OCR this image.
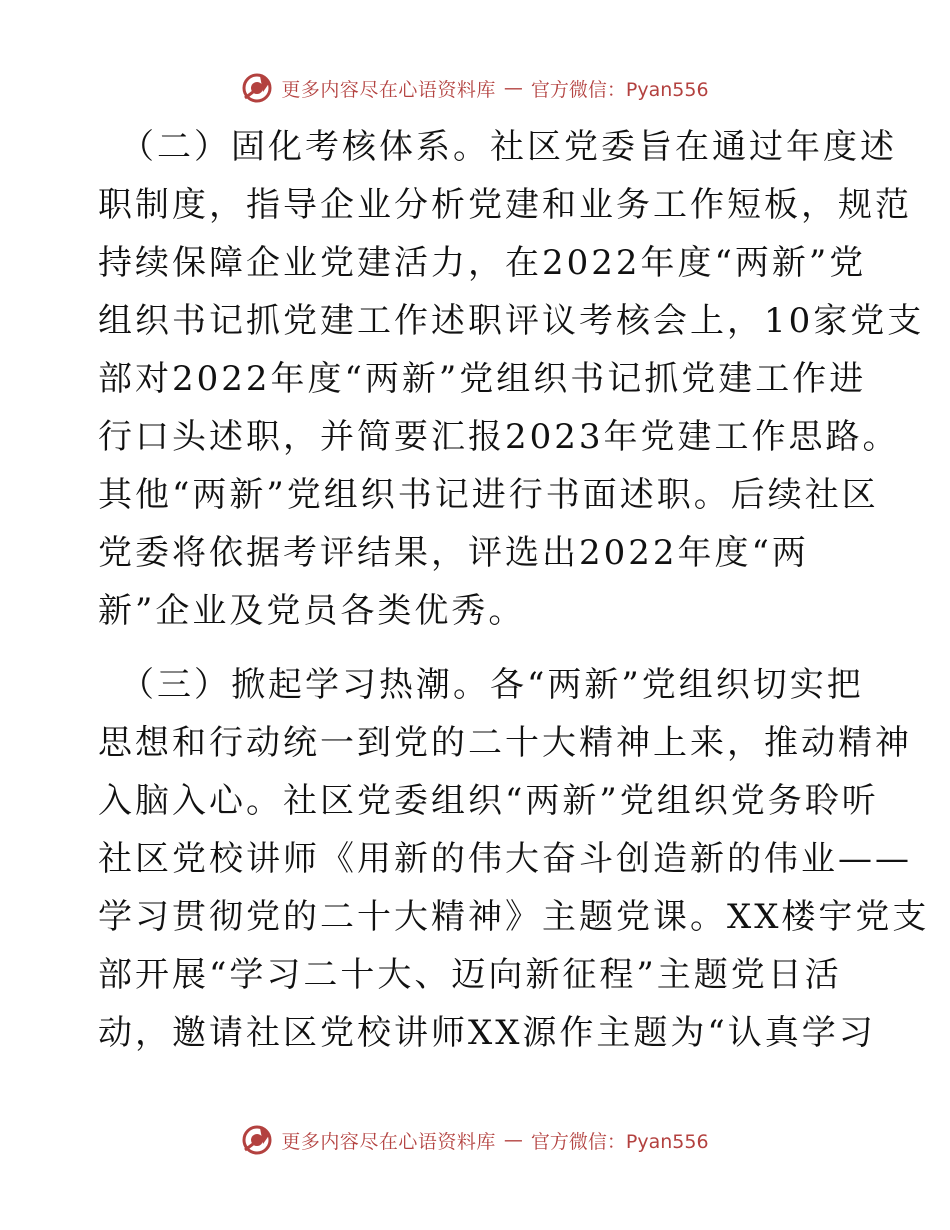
更多内容尽在心语资料库 — 官方微信：Pyan556

（二）固化考核体系。社区党委旨在通过年度述
职制度，指导企业分析党建和业务工作短板，规范
持续保障企业党建活力，在2022年度“两新”党
组织书记抓党建工作述职评议考核会上，10家党支
部对2022年度“两新”党组织书记抓党建工作进
行口头述职，并简要汇报2023年党建工作思路。
其他“两新”党组织书记进行书面述职。后续社区
党委将依据考评结果，评选出2022年度“两
新”企业及党员各类优秀。

（三）掀起学习热潮。各“两新”党组织切实把
思想和行动统一到党的二十大精神上来，推动精神
入脑入心。社区党委组织“两新”党组织党务聆听
社区党校讲师《用新的伟大奋斗创造新的伟业——
学习贯彻党的二十大精神》主题党课。XX楼宇党支
部开展“学习二十大、迈向新征程”主题党日活
动，邀请社区党校讲师XX源作主题为“认真学习

更多内容尽在心语资料库 — 官方微信：Pyan556
